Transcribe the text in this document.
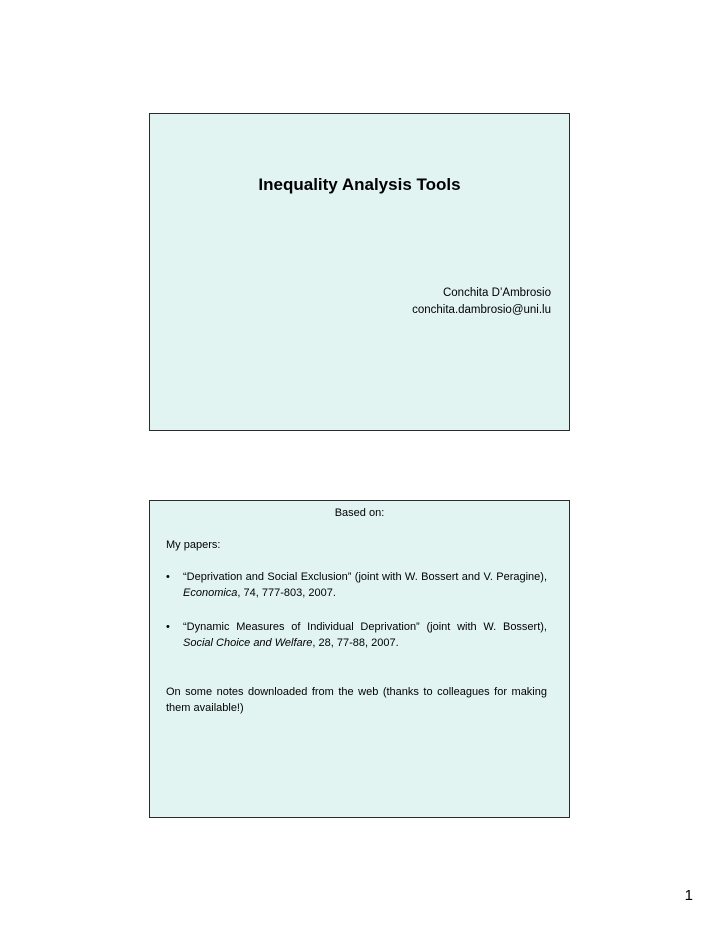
Inequality Analysis Tools
Conchita D’Ambrosio
conchita.dambrosio@uni.lu
Based on:
My papers:
• “Deprivation and Social Exclusion” (joint with W. Bossert and V. Peragine), Economica, 74, 777-803, 2007.
• “Dynamic Measures of Individual Deprivation” (joint with W. Bossert), Social Choice and Welfare, 28, 77-88, 2007.
On some notes downloaded from the web (thanks to colleagues for making them available!)
1
